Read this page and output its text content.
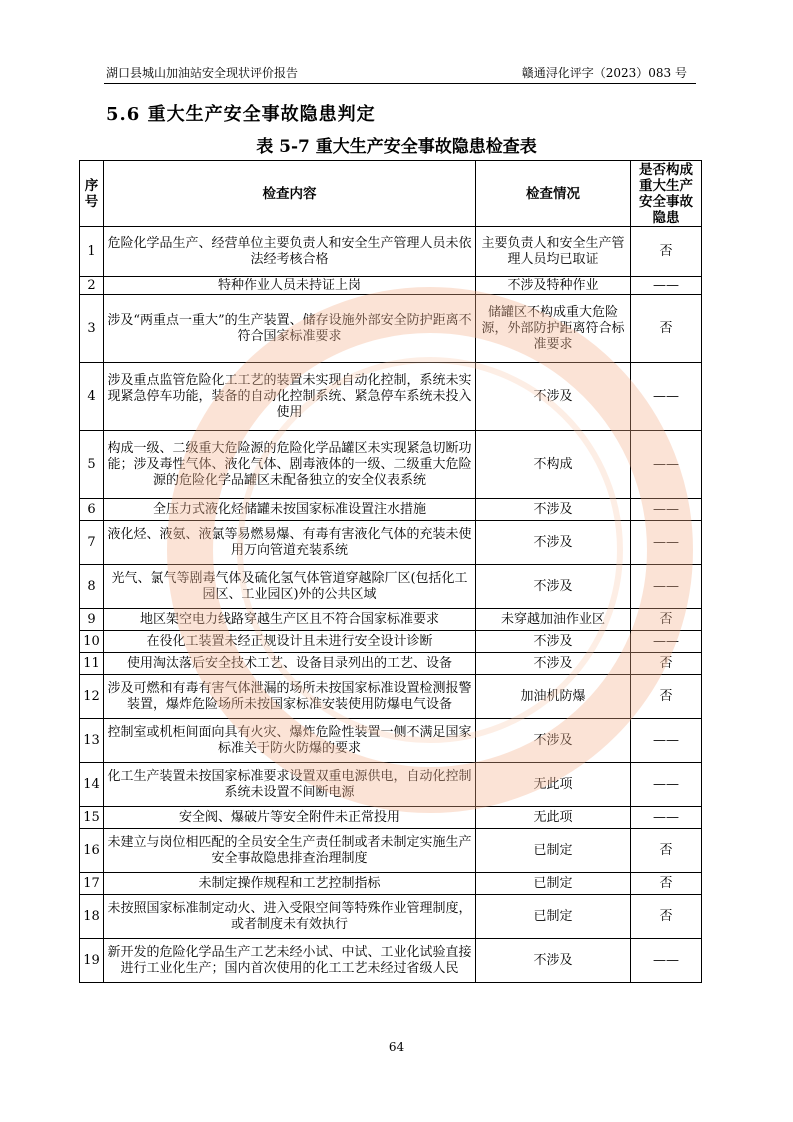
湖口县城山加油站安全现状评价报告	赣通浔化评字（2023）083 号
5.6 重大生产安全事故隐患判定
表 5-7 重大生产安全事故隐患检查表
序号	检查内容	检查情况	是否构成重大生产安全事故隐患
1	危险化学品生产、经营单位主要负责人和安全生产管理人员未依法经考核合格	主要负责人和安全生产管理人员均已取证	否
2	特种作业人员未持证上岗	不涉及特种作业	——
3	涉及“两重点一重大”的生产装置、储存设施外部安全防护距离不符合国家标准要求	储罐区不构成重大危险源，外部防护距离符合标准要求	否
4	涉及重点监管危险化工工艺的装置未实现自动化控制，系统未实现紧急停车功能，装备的自动化控制系统、紧急停车系统未投入使用	不涉及	——
5	构成一级、二级重大危险源的危险化学品罐区未实现紧急切断功能；涉及毒性气体、液化气体、剧毒液体的一级、二级重大危险源的危险化学品罐区未配备独立的安全仪表系统	不构成	——
6	全压力式液化烃储罐未按国家标准设置注水措施	不涉及	——
7	液化烃、液氨、液氯等易燃易爆、有毒有害液化气体的充装未使用万向管道充装系统	不涉及	——
8	光气、氯气等剧毒气体及硫化氢气体管道穿越除厂区(包括化工园区、工业园区)外的公共区域	不涉及	——
9	地区架空电力线路穿越生产区且不符合国家标准要求	未穿越加油作业区	否
10	在役化工装置未经正规设计且未进行安全设计诊断	不涉及	——
11	使用淘汰落后安全技术工艺、设备目录列出的工艺、设备	不涉及	否
12	涉及可燃和有毒有害气体泄漏的场所未按国家标准设置检测报警装置，爆炸危险场所未按国家标准安装使用防爆电气设备	加油机防爆	否
13	控制室或机柜间面向具有火灾、爆炸危险性装置一侧不满足国家标准关于防火防爆的要求	不涉及	——
14	化工生产装置未按国家标准要求设置双重电源供电，自动化控制系统未设置不间断电源	无此项	——
15	安全阀、爆破片等安全附件未正常投用	无此项	——
16	未建立与岗位相匹配的全员安全生产责任制或者未制定实施生产安全事故隐患排查治理制度	已制定	否
17	未制定操作规程和工艺控制指标	已制定	否
18	未按照国家标准制定动火、进入受限空间等特殊作业管理制度，或者制度未有效执行	已制定	否
19	新开发的危险化学品生产工艺未经小试、中试、工业化试验直接进行工业化生产；国内首次使用的化工工艺未经过省级人民	不涉及	——
64
